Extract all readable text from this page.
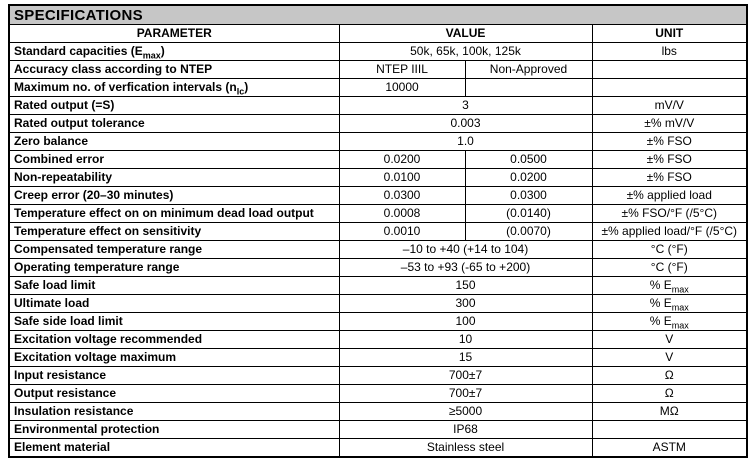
SPECIFICATIONS			
PARAMETER	VALUE		UNIT
Standard capacities $(E_{max})$	50k, 65k, 100k, 125k		lbs
Accuracy class according to NTEP	NTEP IIIL	Non-Approved	
Maximum no. of verfication intervals $(n_{lc})$	10000		
Rated output (=S)	3		mV/V
Rated output tolerance	0.003		±% mV/V
Zero balance	1.0		±% FSO
Combined error	0.0200	0.0500	±% FSO
Non-repeatability	0.0100	0.0200	±% FSO
Creep error (20–30 minutes)	0.0300	0.0300	±% applied load
Temperature effect on on minimum dead load output	0.0008	(0.0140)	±% FSO/°F (/5°C)
Temperature effect on sensitivity	0.0010	(0.0070)	±% applied load/°F (/5°C)
Compensated temperature range	–10 to +40 (+14 to 104)		°C (°F)
Operating temperature range	–53 to +93 (-65 to +200)		°C (°F)
Safe load limit	150		% $E_{max}$
Ultimate load	300		% $E_{max}$
Safe side load limit	100		% $E_{max}$
Excitation voltage recommended	10		V
Excitation voltage maximum	15		V
Input resistance	700±7		Ω
Output resistance	700±7		Ω
Insulation resistance	≥5000		MΩ
Environmental protection	IP68		
Element material	Stainless steel		ASTM
